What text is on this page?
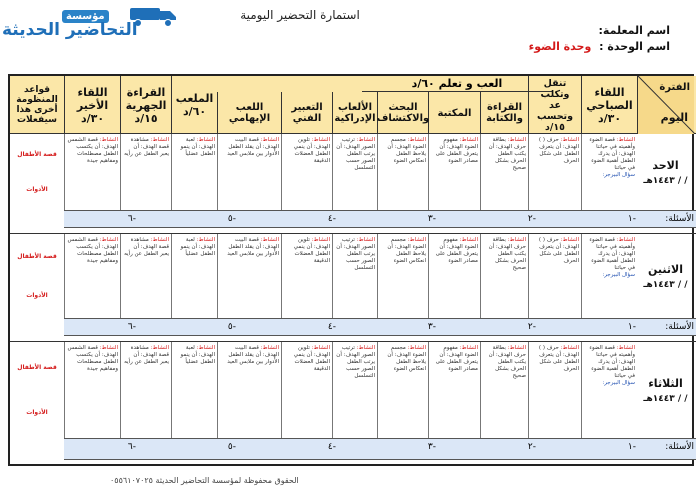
مؤسسة
التحاضير الحديثة
استمارة التحضير اليومية
اسم المعلمة:
اسم الوحدة : وحدة الضوء
الفترة
اليوم
اللقاء الصباحي
٣٠/د
العب و تعلم ٦٠/د	تنقل وتكلب
عد
وتحسب
١٥/د
القراءة
والكتابة
المكتبة
البحث
والاكتشاف
الألعاب
الإدراكية
التعبير
الفني
اللعب الإيهامي
الملعب
٦٠/د
القراءة
الجهرية
١٥/د
اللقاء الأخير
٣٠/د
قواعد
المنظومة
أخرى هذا
سيفعلات
الاحد
/ / ١٤٤٣هـ
النشاط: قصة الضوء وأهميته في حياتنا الهدف: أن يدرك الطفل أهمية الضوء في حياتنا
سؤال البيرجر:
النشاط: حرف ( ) الهدف: أن يتعرف الطفل على شكل الحرف
النشاط: بطاقة حرف الهدف: أن يكتب الطفل الحرف بشكل صحيح
النشاط: مفهوم الضوء الهدف: أن يتعرف الطفل على مصادر الضوء
النشاط: مجسم الضوء الهدف: أن يلاحظ الطفل انعكاس الضوء
النشاط: ترتيب الصور الهدف: أن يرتب الطفل الصور حسب التسلسل
النشاط: تلوين الهدف: أن ينمي الطفل العضلات الدقيقة
النشاط: قصة البيت الهدف: أن يقلد الطفل الأدوار بين ملابس العيد
النشاط: لعبة الهدف: أن ينمو الطفل عضلياً
النشاط: مشاهدة قصة الهدف: أن يعبر الطفل عن رأيه
النشاط: قصة الشمس الهدف: أن يكتسب الطفل مصطلحات ومفاهيم جيدة
قصة الأطفال
الأدوات
الأسئلة:
-١
-٢
-٣
-٤
-٥
-٦
الاثنين
/ / ١٤٤٣هـ
النشاط: قصة الضوء وأهميته في حياتنا الهدف: أن يدرك الطفل أهمية الضوء في حياتنا
سؤال البيرجر:
النشاط: حرف ( ) الهدف: أن يتعرف الطفل على شكل الحرف
النشاط: بطاقة حرف الهدف: أن يكتب الطفل الحرف بشكل صحيح
النشاط: مفهوم الضوء الهدف: أن يتعرف الطفل على مصادر الضوء
النشاط: مجسم الضوء الهدف: أن يلاحظ الطفل انعكاس الضوء
النشاط: ترتيب الصور الهدف: أن يرتب الطفل الصور حسب التسلسل
النشاط: تلوين الهدف: أن ينمي الطفل العضلات الدقيقة
النشاط: قصة البيت الهدف: أن يقلد الطفل الأدوار بين ملابس العيد
النشاط: لعبة الهدف: أن ينمو الطفل عضلياً
النشاط: مشاهدة قصة الهدف: أن يعبر الطفل عن رأيه
النشاط: قصة الشمس الهدف: أن يكتسب الطفل مصطلحات ومفاهيم جيدة
قصة الأطفال
الأدوات
الأسئلة:
-١
-٢
-٣
-٤
-٥
-٦
الثلاثاء
/ / ١٤٤٣هـ
النشاط: قصة الضوء وأهميته في حياتنا الهدف: أن يدرك الطفل أهمية الضوء في حياتنا
سؤال البيرجر:
النشاط: حرف ( ) الهدف: أن يتعرف الطفل على شكل الحرف
النشاط: بطاقة حرف الهدف: أن يكتب الطفل الحرف بشكل صحيح
النشاط: مفهوم الضوء الهدف: أن يتعرف الطفل على مصادر الضوء
النشاط: مجسم الضوء الهدف: أن يلاحظ الطفل انعكاس الضوء
النشاط: ترتيب الصور الهدف: أن يرتب الطفل الصور حسب التسلسل
النشاط: تلوين الهدف: أن ينمي الطفل العضلات الدقيقة
النشاط: قصة البيت الهدف: أن يقلد الطفل الأدوار بين ملابس العيد
النشاط: لعبة الهدف: أن ينمو الطفل عضلياً
النشاط: مشاهدة قصة الهدف: أن يعبر الطفل عن رأيه
النشاط: قصة الشمس الهدف: أن يكتسب الطفل مصطلحات ومفاهيم جيدة
قصة الأطفال
الأدوات
الأسئلة:
-١
-٢
-٣
-٤
-٥
-٦
الحقوق محفوظة لمؤسسة التحاضير الحديثة ٠٥٥٦١٠٧٠٢٥
